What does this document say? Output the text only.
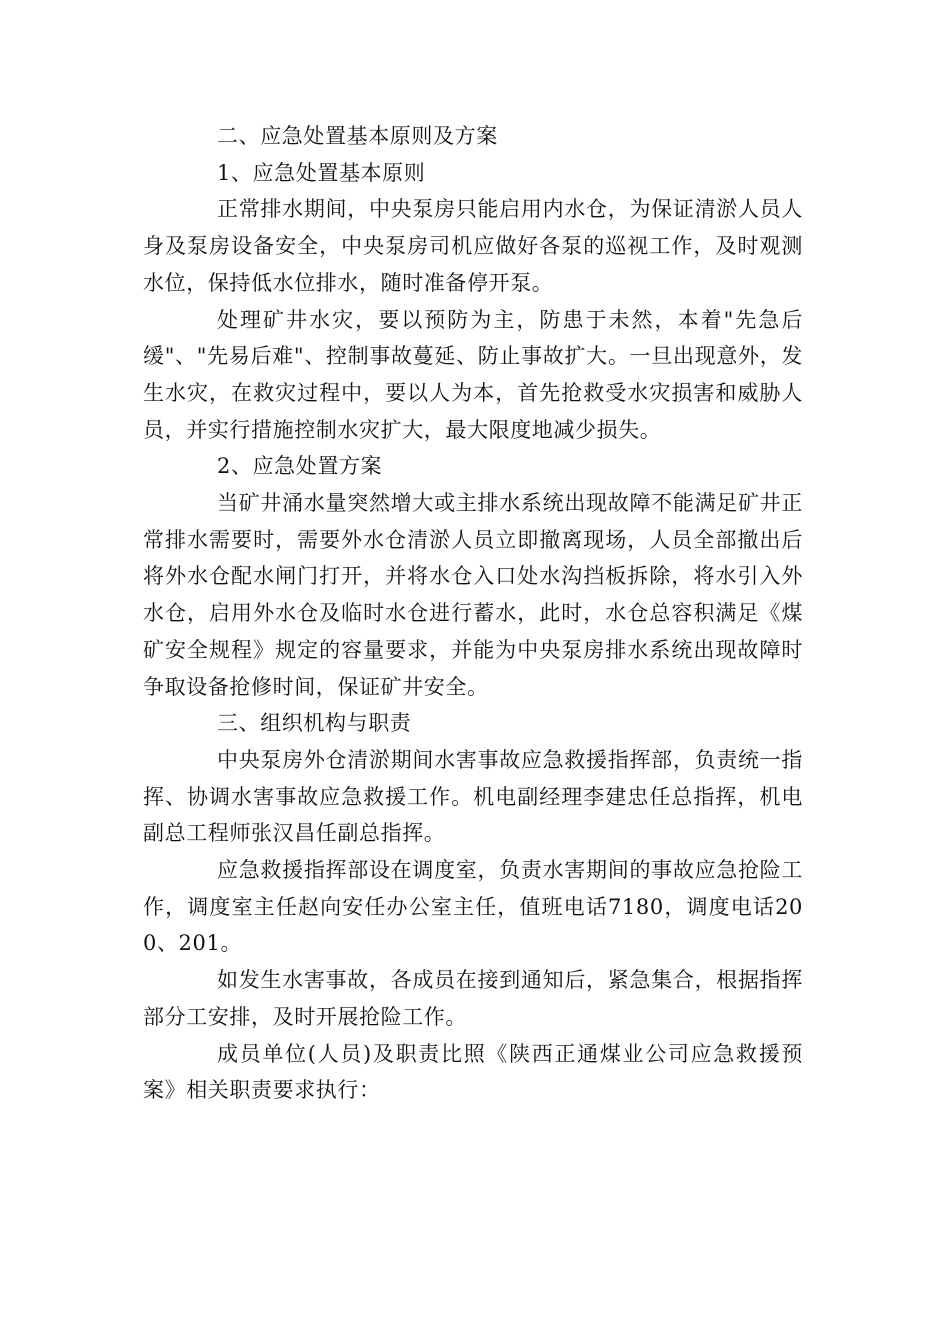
二、应急处置基本原则及方案

1、应急处置基本原则

正常排水期间，中央泵房只能启用内水仓，为保证清淤人员人身及泵房设备安全，中央泵房司机应做好各泵的巡视工作，及时观测水位，保持低水位排水，随时准备停开泵。

处理矿井水灾，要以预防为主，防患于未然，本着"先急后缓"、"先易后难"、控制事故蔓延、防止事故扩大。一旦出现意外，发生水灾，在救灾过程中，要以人为本，首先抢救受水灾损害和威胁人员，并实行措施控制水灾扩大，最大限度地减少损失。

2、应急处置方案

当矿井涌水量突然增大或主排水系统出现故障不能满足矿井正常排水需要时，需要外水仓清淤人员立即撤离现场，人员全部撤出后将外水仓配水闸门打开，并将水仓入口处水沟挡板拆除，将水引入外水仓，启用外水仓及临时水仓进行蓄水，此时，水仓总容积满足《煤矿安全规程》规定的容量要求，并能为中央泵房排水系统出现故障时争取设备抢修时间，保证矿井安全。

三、组织机构与职责

中央泵房外仓清淤期间水害事故应急救援指挥部，负责统一指挥、协调水害事故应急救援工作。机电副经理李建忠任总指挥，机电副总工程师张汉昌任副总指挥。

应急救援指挥部设在调度室，负责水害期间的事故应急抢险工作，调度室主任赵向安任办公室主任，值班电话7180，调度电话200、201。

如发生水害事故，各成员在接到通知后，紧急集合，根据指挥部分工安排，及时开展抢险工作。

成员单位(人员)及职责比照《陕西正通煤业公司应急救援预案》相关职责要求执行：
